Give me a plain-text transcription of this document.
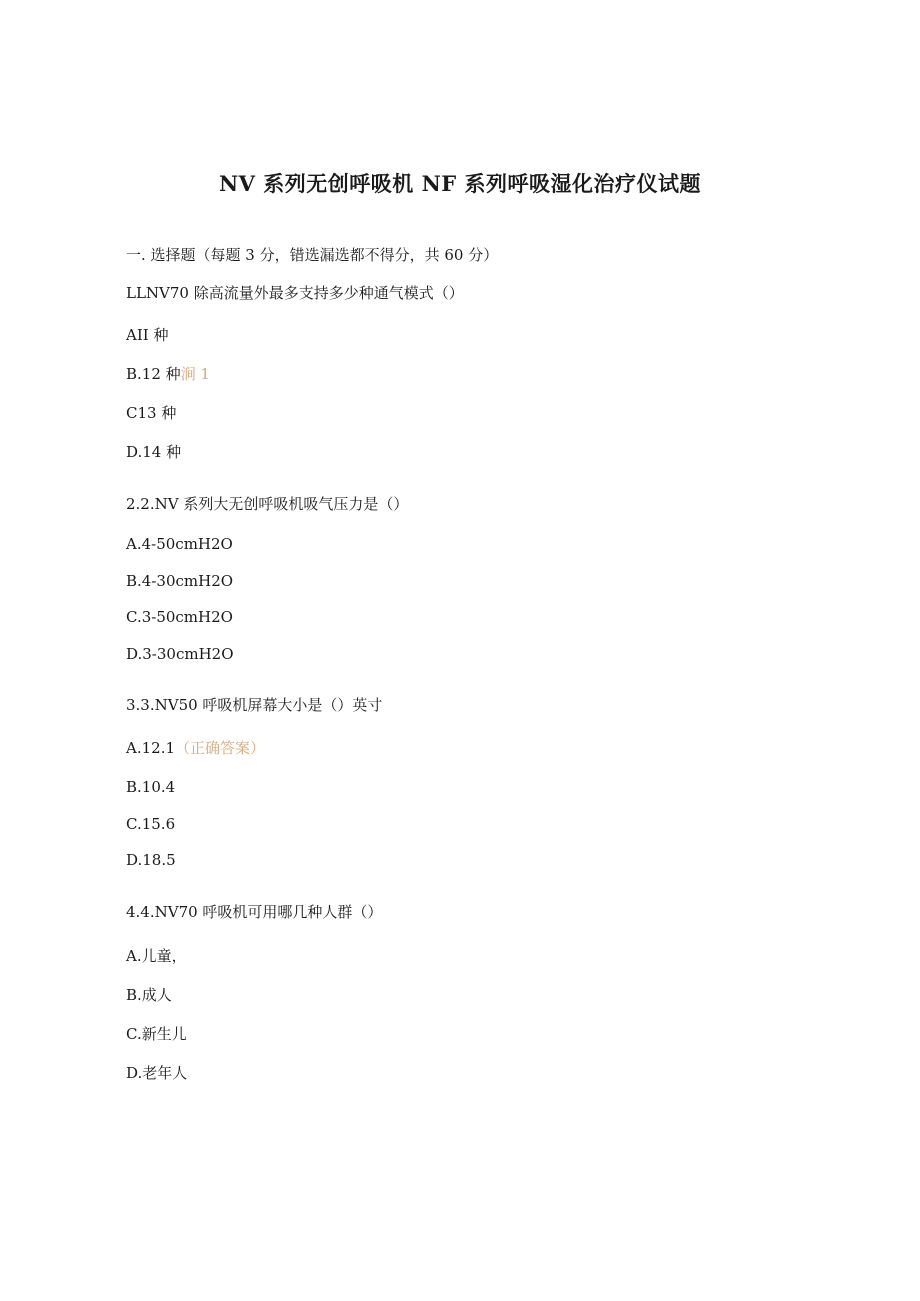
NV 系列无创呼吸机 NF 系列呼吸湿化治疗仪试题
一. 选择题（每题 3 分，错选漏选都不得分，共 60 分）
LLNV70 除高流量外最多支持多少种通气模式（）
AII 种
B.12 种涧 1
C13 种
D.14 种
2.2.NV 系列大无创呼吸机吸气压力是（）
A.4-50cmH2O
B.4-30cmH2O
C.3-50cmH2O
D.3-30cmH2O
3.3.NV50 呼吸机屏幕大小是（）英寸
A.12.1（正确答案）
B.10.4
C.15.6
D.18.5
4.4.NV70 呼吸机可用哪几种人群（）
A.儿童，
B.成人
C.新生儿
D.老年人
